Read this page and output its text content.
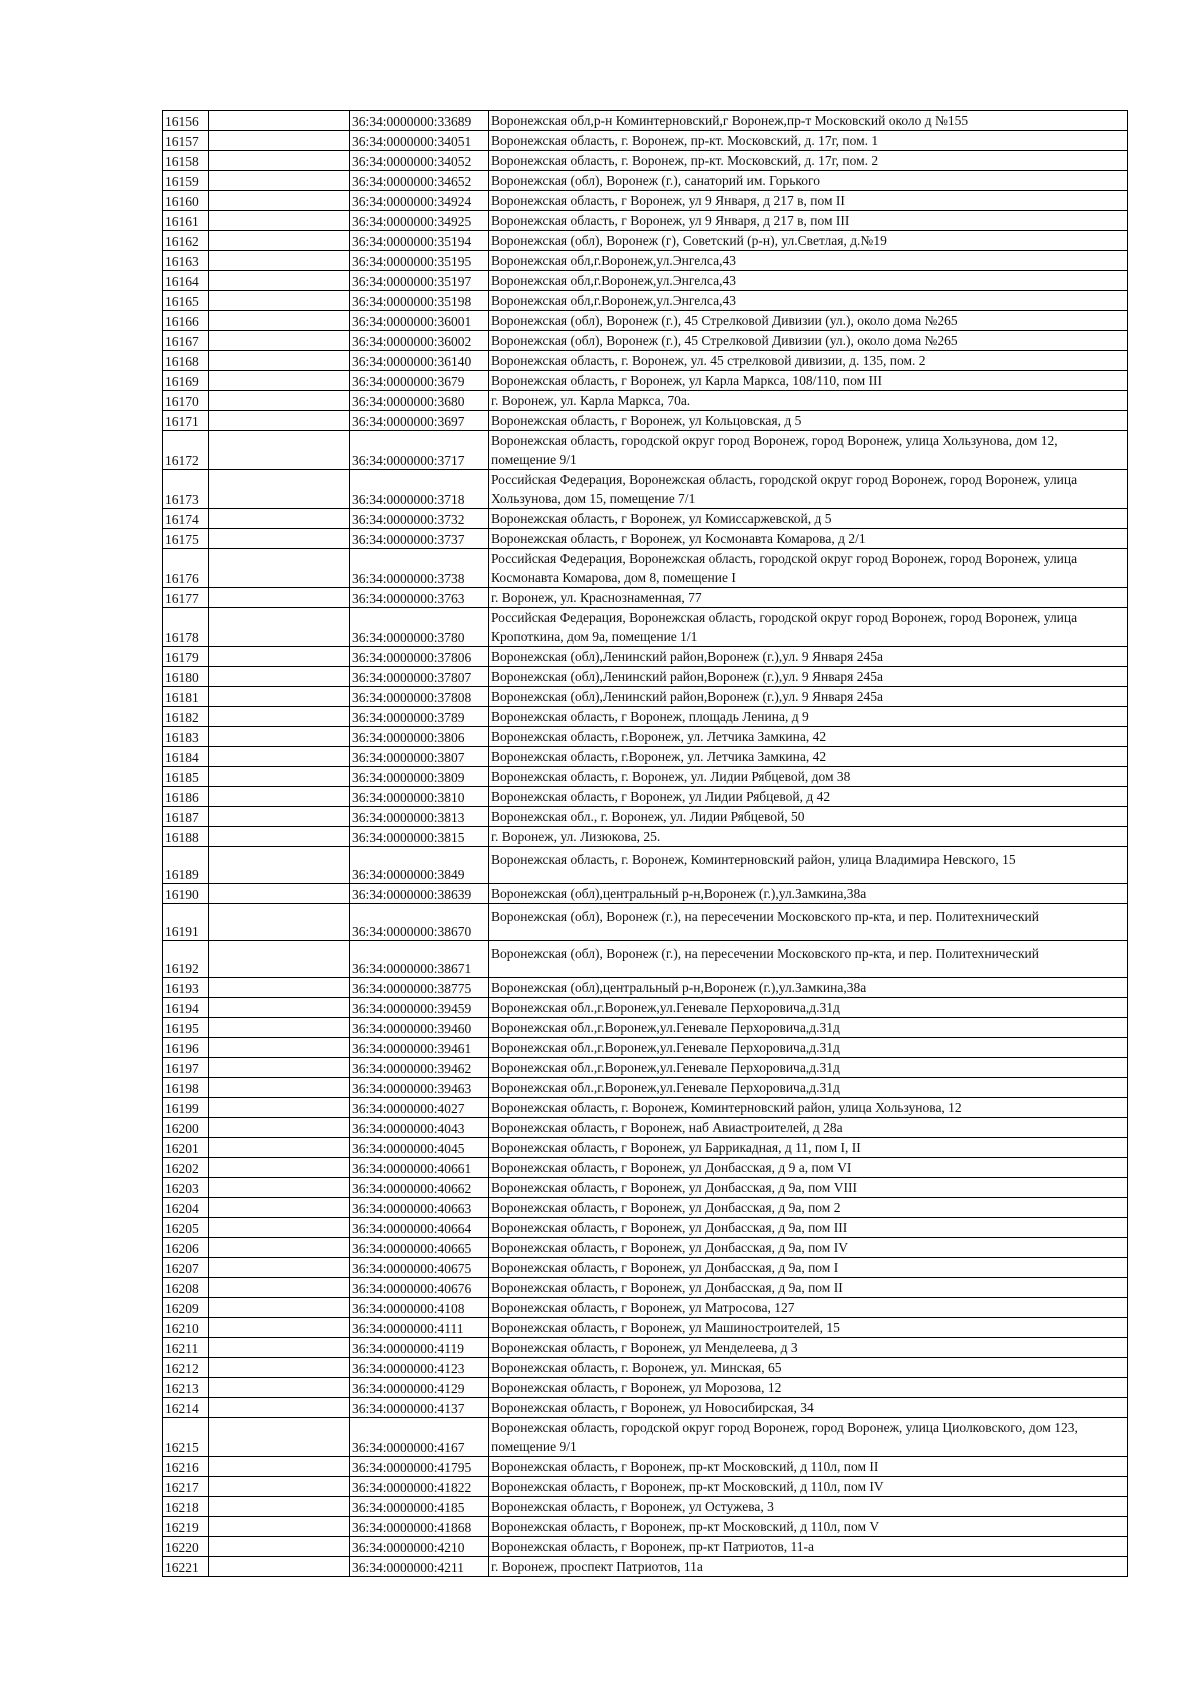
16156		36:34:0000000:33689	Воронежская обл,р-н Коминтерновский,г Воронеж,пр-т Московский около д №155
16157		36:34:0000000:34051	Воронежская область, г. Воронеж, пр-кт. Московский, д. 17г, пом. 1
16158		36:34:0000000:34052	Воронежская область, г. Воронеж, пр-кт. Московский, д. 17г, пом. 2
16159		36:34:0000000:34652	Воронежская (обл), Воронеж (г.), санаторий им. Горького
16160		36:34:0000000:34924	Воронежская область, г Воронеж, ул 9 Января, д 217 в, пом II
16161		36:34:0000000:34925	Воронежская область, г Воронеж, ул 9 Января, д 217 в, пом III
16162		36:34:0000000:35194	Воронежская (обл), Воронеж (г), Советский (р-н), ул.Светлая, д.№19
16163		36:34:0000000:35195	Воронежская обл,г.Воронеж,ул.Энгелса,43
16164		36:34:0000000:35197	Воронежская обл,г.Воронеж,ул.Энгелса,43
16165		36:34:0000000:35198	Воронежская обл,г.Воронеж,ул.Энгелса,43
16166		36:34:0000000:36001	Воронежская (обл), Воронеж (г.), 45 Стрелковой Дивизии (ул.), около дома №265
16167		36:34:0000000:36002	Воронежская (обл), Воронеж (г.), 45 Стрелковой Дивизии (ул.), около дома №265
16168		36:34:0000000:36140	Воронежская область, г. Воронеж, ул. 45 стрелковой дивизии, д. 135, пом. 2
16169		36:34:0000000:3679	Воронежская область, г Воронеж, ул Карла Маркса, 108/110, пом III
16170		36:34:0000000:3680	г. Воронеж, ул. Карла Маркса, 70а.
16171		36:34:0000000:3697	Воронежская область, г Воронеж, ул Кольцовская, д 5
16172		36:34:0000000:3717	Воронежская область, городской округ город Воронеж, город Воронеж, улица Хользунова, дом 12, помещение 9/1
16173		36:34:0000000:3718	Российская Федерация, Воронежская область, городской округ город Воронеж, город Воронеж, улица Хользунова, дом 15, помещение 7/1
16174		36:34:0000000:3732	Воронежская область, г Воронеж, ул Комиссаржевской, д 5
16175		36:34:0000000:3737	Воронежская область, г Воронеж, ул Космонавта Комарова, д 2/1
16176		36:34:0000000:3738	Российская Федерация, Воронежская область, городской округ город Воронеж, город Воронеж, улица Космонавта Комарова, дом 8, помещение I
16177		36:34:0000000:3763	г. Воронеж, ул. Краснознаменная, 77
16178		36:34:0000000:3780	Российская Федерация, Воронежская область, городской округ город Воронеж, город Воронеж, улица Кропоткина, дом 9а, помещение 1/1
16179		36:34:0000000:37806	Воронежская (обл),Ленинский район,Воронеж (г.),ул. 9 Января 245а
16180		36:34:0000000:37807	Воронежская (обл),Ленинский район,Воронеж (г.),ул. 9 Января 245а
16181		36:34:0000000:37808	Воронежская (обл),Ленинский район,Воронеж (г.),ул. 9 Января 245а
16182		36:34:0000000:3789	Воронежская область, г Воронеж, площадь Ленина, д 9
16183		36:34:0000000:3806	Воронежская область, г.Воронеж, ул. Летчика Замкина, 42
16184		36:34:0000000:3807	Воронежская область, г.Воронеж, ул. Летчика Замкина, 42
16185		36:34:0000000:3809	Воронежская область, г. Воронеж, ул. Лидии Рябцевой, дом 38
16186		36:34:0000000:3810	Воронежская область, г Воронеж, ул Лидии Рябцевой, д 42
16187		36:34:0000000:3813	Воронежская обл., г. Воронеж, ул. Лидии Рябцевой, 50
16188		36:34:0000000:3815	г. Воронеж, ул. Лизюкова, 25.
16189		36:34:0000000:3849	Воронежская область, г. Воронеж, Коминтерновский район, улица Владимира Невского, 15
16190		36:34:0000000:38639	Воронежская (обл),центральный р-н,Воронеж (г.),ул.Замкина,38а
16191		36:34:0000000:38670	Воронежская (обл), Воронеж (г.), на пересечении Московского пр-кта, и пер. Политехнический
16192		36:34:0000000:38671	Воронежская (обл), Воронеж (г.), на пересечении Московского пр-кта, и пер. Политехнический
16193		36:34:0000000:38775	Воронежская (обл),центральный р-н,Воронеж (г.),ул.Замкина,38а
16194		36:34:0000000:39459	Воронежская обл.,г.Воронеж,ул.Геневале Перхоровича,д.31д
16195		36:34:0000000:39460	Воронежская обл.,г.Воронеж,ул.Геневале Перхоровича,д.31д
16196		36:34:0000000:39461	Воронежская обл.,г.Воронеж,ул.Геневале Перхоровича,д.31д
16197		36:34:0000000:39462	Воронежская обл.,г.Воронеж,ул.Геневале Перхоровича,д.31д
16198		36:34:0000000:39463	Воронежская обл.,г.Воронеж,ул.Геневале Перхоровича,д.31д
16199		36:34:0000000:4027	Воронежская область, г. Воронеж, Коминтерновский район, улица Хользунова, 12
16200		36:34:0000000:4043	Воронежская область, г Воронеж, наб Авиастроителей, д 28а
16201		36:34:0000000:4045	Воронежская область, г Воронеж, ул Баррикадная, д 11, пом I, II
16202		36:34:0000000:40661	Воронежская область, г Воронеж, ул Донбасская, д 9 а, пом VI
16203		36:34:0000000:40662	Воронежская область, г Воронеж, ул Донбасская, д 9а, пом VIII
16204		36:34:0000000:40663	Воронежская область, г Воронеж, ул Донбасская, д 9а, пом 2
16205		36:34:0000000:40664	Воронежская область, г Воронеж, ул Донбасская, д 9а, пом III
16206		36:34:0000000:40665	Воронежская область, г Воронеж, ул Донбасская, д 9а, пом IV
16207		36:34:0000000:40675	Воронежская область, г Воронеж, ул Донбасская, д 9а, пом I
16208		36:34:0000000:40676	Воронежская область, г Воронеж, ул Донбасская, д 9а, пом II
16209		36:34:0000000:4108	Воронежская область, г Воронеж, ул Матросова, 127
16210		36:34:0000000:4111	Воронежская область, г Воронеж, ул Машиностроителей, 15
16211		36:34:0000000:4119	Воронежская область, г Воронеж, ул Менделеева, д 3
16212		36:34:0000000:4123	Воронежская область, г. Воронеж, ул. Минская, 65
16213		36:34:0000000:4129	Воронежская область, г Воронеж, ул Морозова, 12
16214		36:34:0000000:4137	Воронежская область, г Воронеж, ул Новосибирская, 34
16215		36:34:0000000:4167	Воронежская область, городской округ город Воронеж, город Воронеж, улица Циолковского, дом 123, помещение 9/1
16216		36:34:0000000:41795	Воронежская область, г Воронеж, пр-кт Московский, д 110л, пом II
16217		36:34:0000000:41822	Воронежская область, г Воронеж, пр-кт Московский, д 110л, пом IV
16218		36:34:0000000:4185	Воронежская область, г Воронеж, ул Остужева, 3
16219		36:34:0000000:41868	Воронежская область, г Воронеж, пр-кт Московский, д 110л, пом V
16220		36:34:0000000:4210	Воронежская область, г Воронеж, пр-кт Патриотов, 11-а
16221		36:34:0000000:4211	г. Воронеж, проспект Патриотов, 11а
